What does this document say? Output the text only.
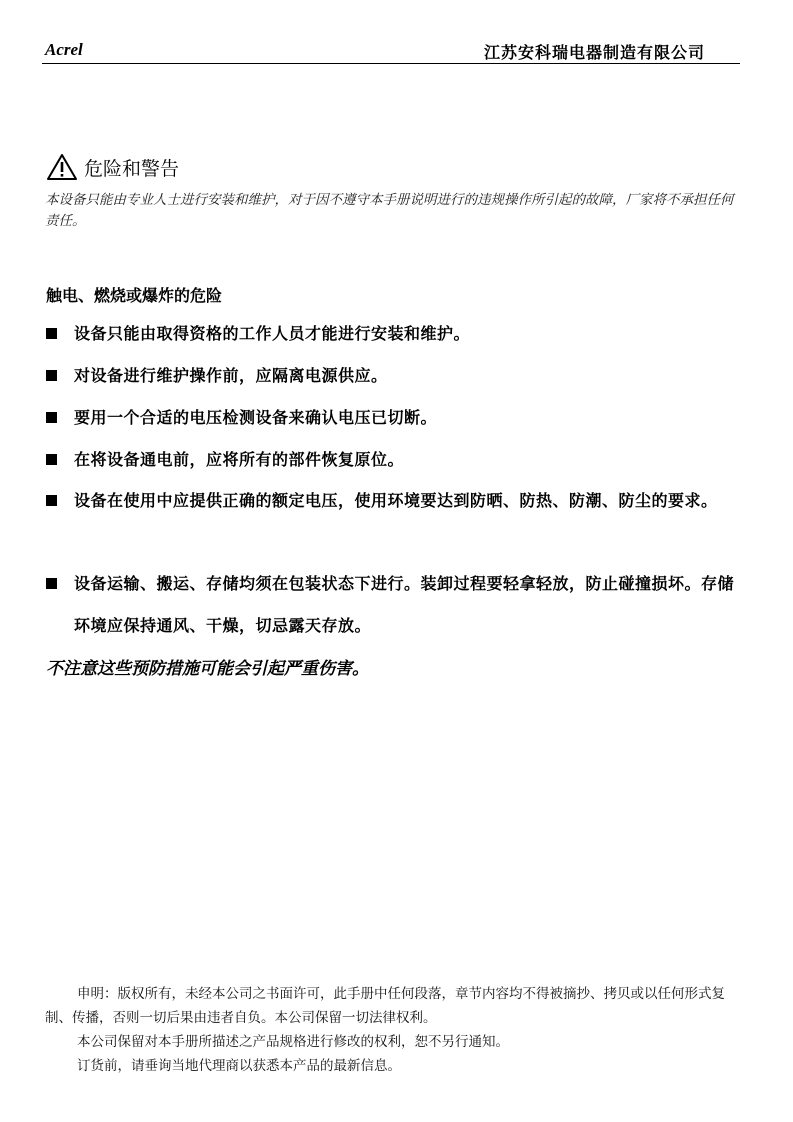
Acrel	江苏安科瑞电器制造有限公司
危险和警告
本设备只能由专业人士进行安装和维护，对于因不遵守本手册说明进行的违规操作所引起的故障，厂家将不承担任何责任。
触电、燃烧或爆炸的危险
设备只能由取得资格的工作人员才能进行安装和维护。
对设备进行维护操作前，应隔离电源供应。
要用一个合适的电压检测设备来确认电压已切断。
在将设备通电前，应将所有的部件恢复原位。
设备在使用中应提供正确的额定电压，使用环境要达到防晒、防热、防潮、防尘的要求。
设备运输、搬运、存储均须在包装状态下进行。装卸过程要轻拿轻放，防止碰撞损坏。存储环境应保持通风、干燥，切忌露天存放。
不注意这些预防措施可能会引起严重伤害。

申明：版权所有，未经本公司之书面许可，此手册中任何段落，章节内容均不得被摘抄、拷贝或以任何形式复制、传播，否则一切后果由违者自负。本公司保留一切法律权利。

本公司保留对本手册所描述之产品规格进行修改的权利，恕不另行通知。

订货前，请垂询当地代理商以获悉本产品的最新信息。
